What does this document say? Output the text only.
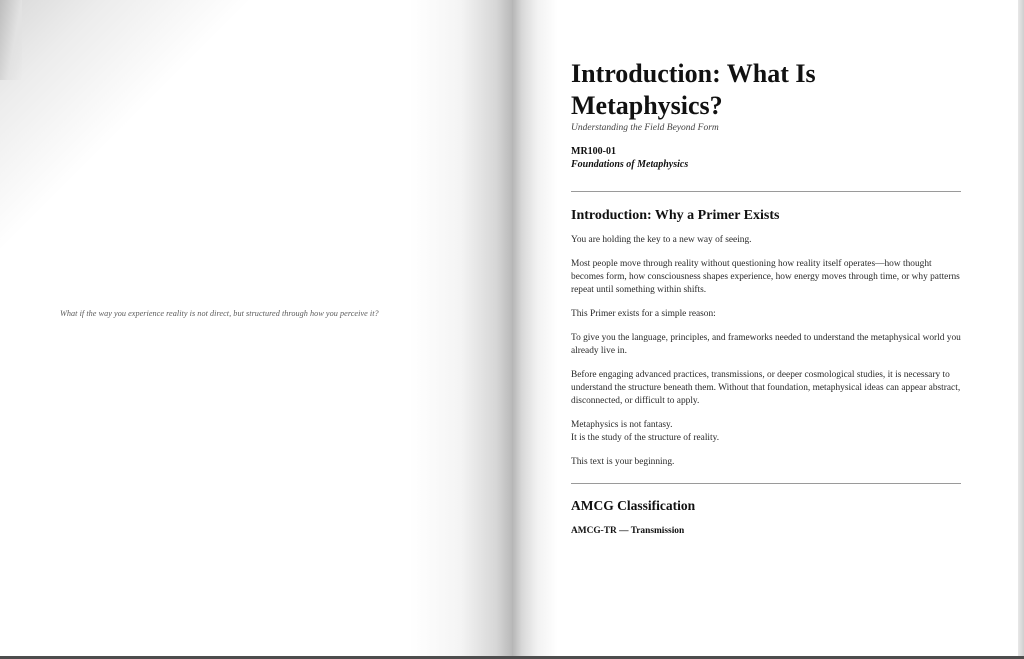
What if the way you experience reality is not direct, but structured through how you perceive it?
Introduction: What Is
Metaphysics?

Understanding the Field Beyond Form

MR100-01

Foundations of Metaphysics

Introduction: Why a Primer Exists

You are holding the key to a new way of seeing.

Most people move through reality without questioning how reality itself operates—how thought becomes form, how consciousness shapes experience, how energy moves through time, or why patterns repeat until something within shifts.

This Primer exists for a simple reason:

To give you the language, principles, and frameworks needed to understand the metaphysical world you already live in.

Before engaging advanced practices, transmissions, or deeper cosmological studies, it is necessary to understand the structure beneath them. Without that foundation, metaphysical ideas can appear abstract, disconnected, or difficult to apply.

Metaphysics is not fantasy.

It is the study of the structure of reality.

This text is your beginning.

AMCG Classification

AMCG-TR — Transmission
